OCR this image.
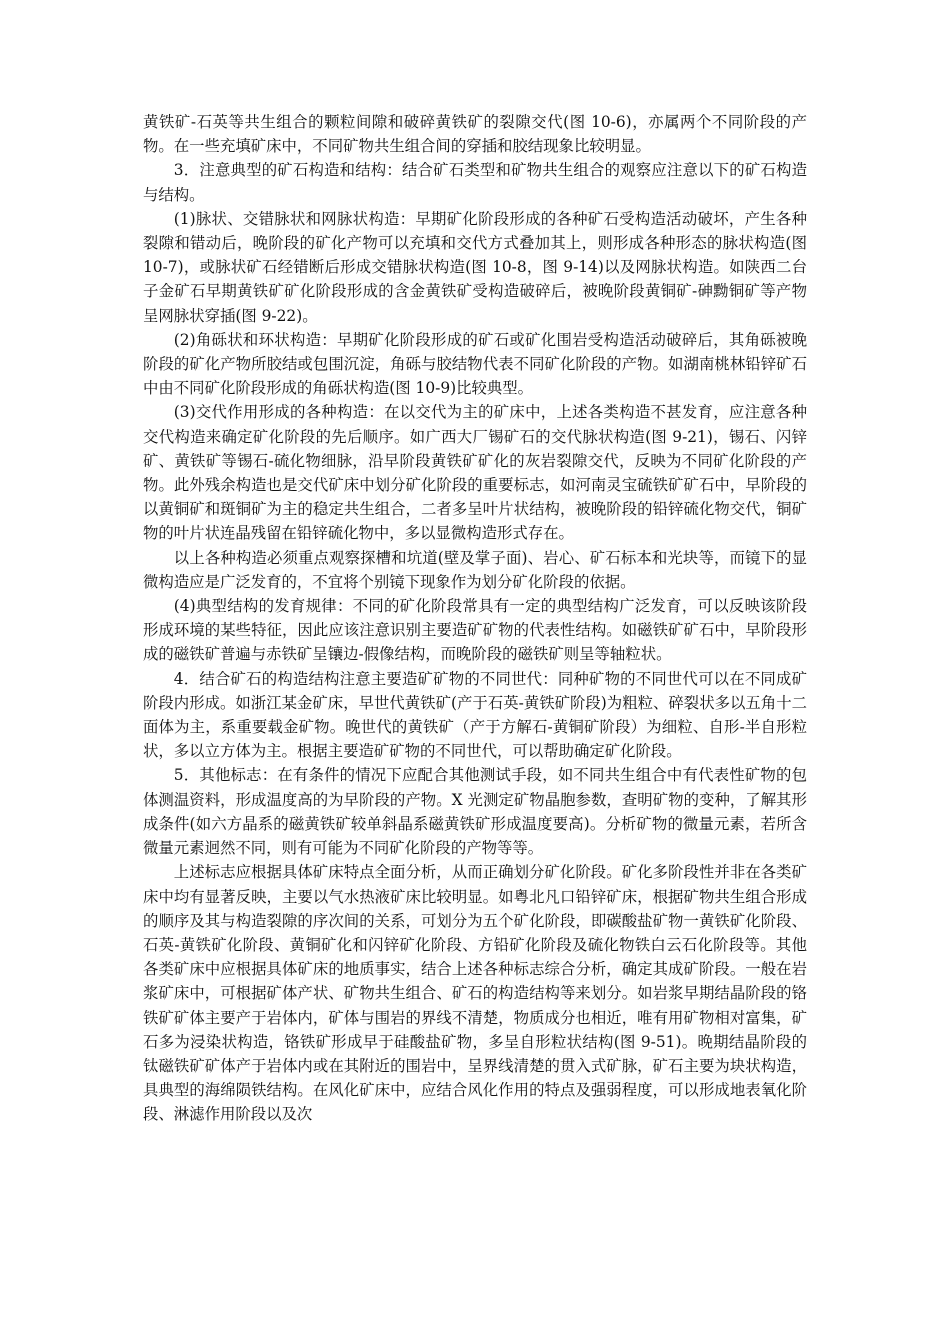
黄铁矿-石英等共生组合的颗粒间隙和破碎黄铁矿的裂隙交代(图 10-6)，亦属两个不同阶段的产物。在一些充填矿床中，不同矿物共生组合间的穿插和胶结现象比较明显。

3．注意典型的矿石构造和结构：结合矿石类型和矿物共生组合的观察应注意以下的矿石构造与结构。

(1)脉状、交错脉状和网脉状构造：早期矿化阶段形成的各种矿石受构造活动破坏，产生各种裂隙和错动后，晚阶段的矿化产物可以充填和交代方式叠加其上，则形成各种形态的脉状构造(图 10-7)，或脉状矿石经错断后形成交错脉状构造(图 10-8，图 9-14)以及网脉状构造。如陕西二台子金矿石早期黄铁矿矿化阶段形成的含金黄铁矿受构造破碎后，被晚阶段黄铜矿-砷黝铜矿等产物呈网脉状穿插(图 9-22)。

(2)角砾状和环状构造：早期矿化阶段形成的矿石或矿化围岩受构造活动破碎后，其角砾被晚阶段的矿化产物所胶结或包围沉淀，角砾与胶结物代表不同矿化阶段的产物。如湖南桃林铅锌矿石中由不同矿化阶段形成的角砾状构造(图 10-9)比较典型。

(3)交代作用形成的各种构造：在以交代为主的矿床中，上述各类构造不甚发育，应注意各种交代构造来确定矿化阶段的先后顺序。如广西大厂锡矿石的交代脉状构造(图 9-21)，锡石、闪锌矿、黄铁矿等锡石-硫化物细脉，沿早阶段黄铁矿矿化的灰岩裂隙交代，反映为不同矿化阶段的产物。此外残余构造也是交代矿床中划分矿化阶段的重要标志，如河南灵宝硫铁矿矿石中，早阶段的以黄铜矿和斑铜矿为主的稳定共生组合，二者多呈叶片状结构，被晚阶段的铅锌硫化物交代，铜矿物的叶片状连晶残留在铅锌硫化物中，多以显微构造形式存在。

以上各种构造必须重点观察探槽和坑道(壁及掌子面)、岩心、矿石标本和光块等，而镜下的显微构造应是广泛发育的，不宜将个别镜下现象作为划分矿化阶段的依据。

(4)典型结构的发育规律：不同的矿化阶段常具有一定的典型结构广泛发育，可以反映该阶段形成环境的某些特征，因此应该注意识别主要造矿矿物的代表性结构。如磁铁矿矿石中，早阶段形成的磁铁矿普遍与赤铁矿呈镶边-假像结构，而晚阶段的磁铁矿则呈等轴粒状。

4．结合矿石的构造结构注意主要造矿矿物的不同世代：同种矿物的不同世代可以在不同成矿阶段内形成。如浙江某金矿床，早世代黄铁矿(产于石英-黄铁矿阶段)为粗粒、碎裂状多以五角十二面体为主，系重要载金矿物。晚世代的黄铁矿（产于方解石-黄铜矿阶段）为细粒、自形-半自形粒状，多以立方体为主。根据主要造矿矿物的不同世代，可以帮助确定矿化阶段。

5．其他标志：在有条件的情况下应配合其他测试手段，如不同共生组合中有代表性矿物的包体测温资料，形成温度高的为早阶段的产物。X 光测定矿物晶胞参数，查明矿物的变种，了解其形成条件(如六方晶系的磁黄铁矿较单斜晶系磁黄铁矿形成温度要高)。分析矿物的微量元素，若所含微量元素迥然不同，则有可能为不同矿化阶段的产物等等。

上述标志应根据具体矿床特点全面分析，从而正确划分矿化阶段。矿化多阶段性并非在各类矿床中均有显著反映，主要以气水热液矿床比较明显。如粤北凡口铅锌矿床，根据矿物共生组合形成的顺序及其与构造裂隙的序次间的关系，可划分为五个矿化阶段，即碳酸盐矿物一黄铁矿化阶段、石英-黄铁矿化阶段、黄铜矿化和闪锌矿化阶段、方铅矿化阶段及硫化物铁白云石化阶段等。其他各类矿床中应根据具体矿床的地质事实，结合上述各种标志综合分析，确定其成矿阶段。一般在岩浆矿床中，可根据矿体产状、矿物共生组合、矿石的构造结构等来划分。如岩浆早期结晶阶段的铬铁矿矿体主要产于岩体内，矿体与围岩的界线不清楚，物质成分也相近，唯有用矿物相对富集，矿石多为浸染状构造，铬铁矿形成早于硅酸盐矿物，多呈自形粒状结构(图 9-51)。晚期结晶阶段的钛磁铁矿矿体产于岩体内或在其附近的围岩中，呈界线清楚的贯入式矿脉，矿石主要为块状构造，具典型的海绵陨铁结构。在风化矿床中，应结合风化作用的特点及强弱程度，可以形成地表氧化阶段、淋滤作用阶段以及次
